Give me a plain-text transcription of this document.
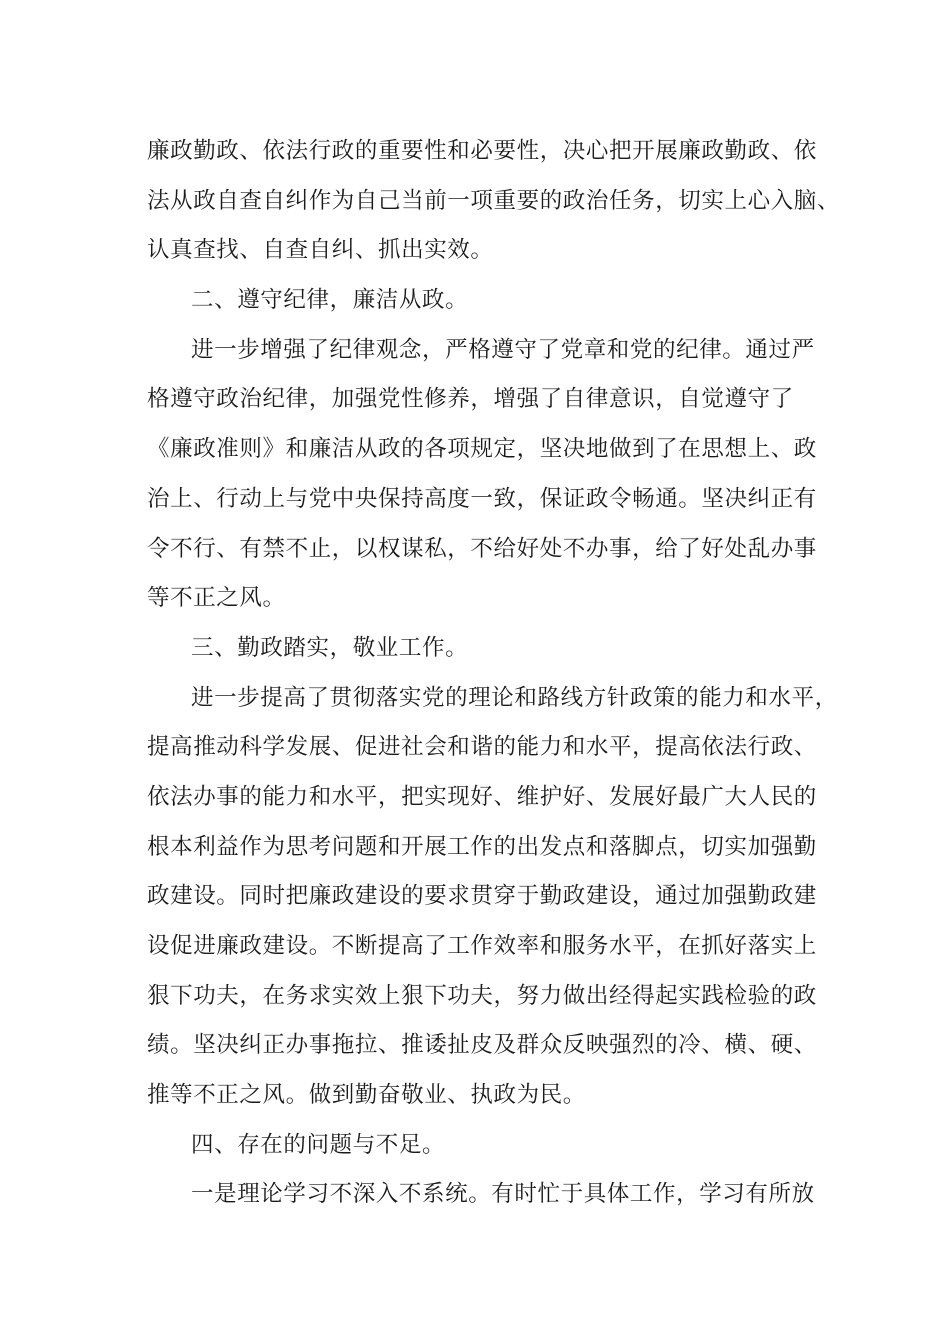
廉政勤政、依法行政的重要性和必要性，决心把开展廉政勤政、依
法从政自查自纠作为自己当前一项重要的政治任务，切实上心入脑、
认真查找、自查自纠、抓出实效。
二、遵守纪律，廉洁从政。
进一步增强了纪律观念，严格遵守了党章和党的纪律。通过严
格遵守政治纪律，加强党性修养，增强了自律意识，自觉遵守了
《廉政准则》和廉洁从政的各项规定，坚决地做到了在思想上、政
治上、行动上与党中央保持高度一致，保证政令畅通。坚决纠正有
令不行、有禁不止，以权谋私，不给好处不办事，给了好处乱办事
等不正之风。
三、勤政踏实，敬业工作。
进一步提高了贯彻落实党的理论和路线方针政策的能力和水平，
提高推动科学发展、促进社会和谐的能力和水平，提高依法行政、
依法办事的能力和水平，把实现好、维护好、发展好最广大人民的
根本利益作为思考问题和开展工作的出发点和落脚点，切实加强勤
政建设。同时把廉政建设的要求贯穿于勤政建设，通过加强勤政建
设促进廉政建设。不断提高了工作效率和服务水平，在抓好落实上
狠下功夫，在务求实效上狠下功夫，努力做出经得起实践检验的政
绩。坚决纠正办事拖拉、推诿扯皮及群众反映强烈的冷、横、硬、
推等不正之风。做到勤奋敬业、执政为民。
四、存在的问题与不足。
一是理论学习不深入不系统。有时忙于具体工作，学习有所放
